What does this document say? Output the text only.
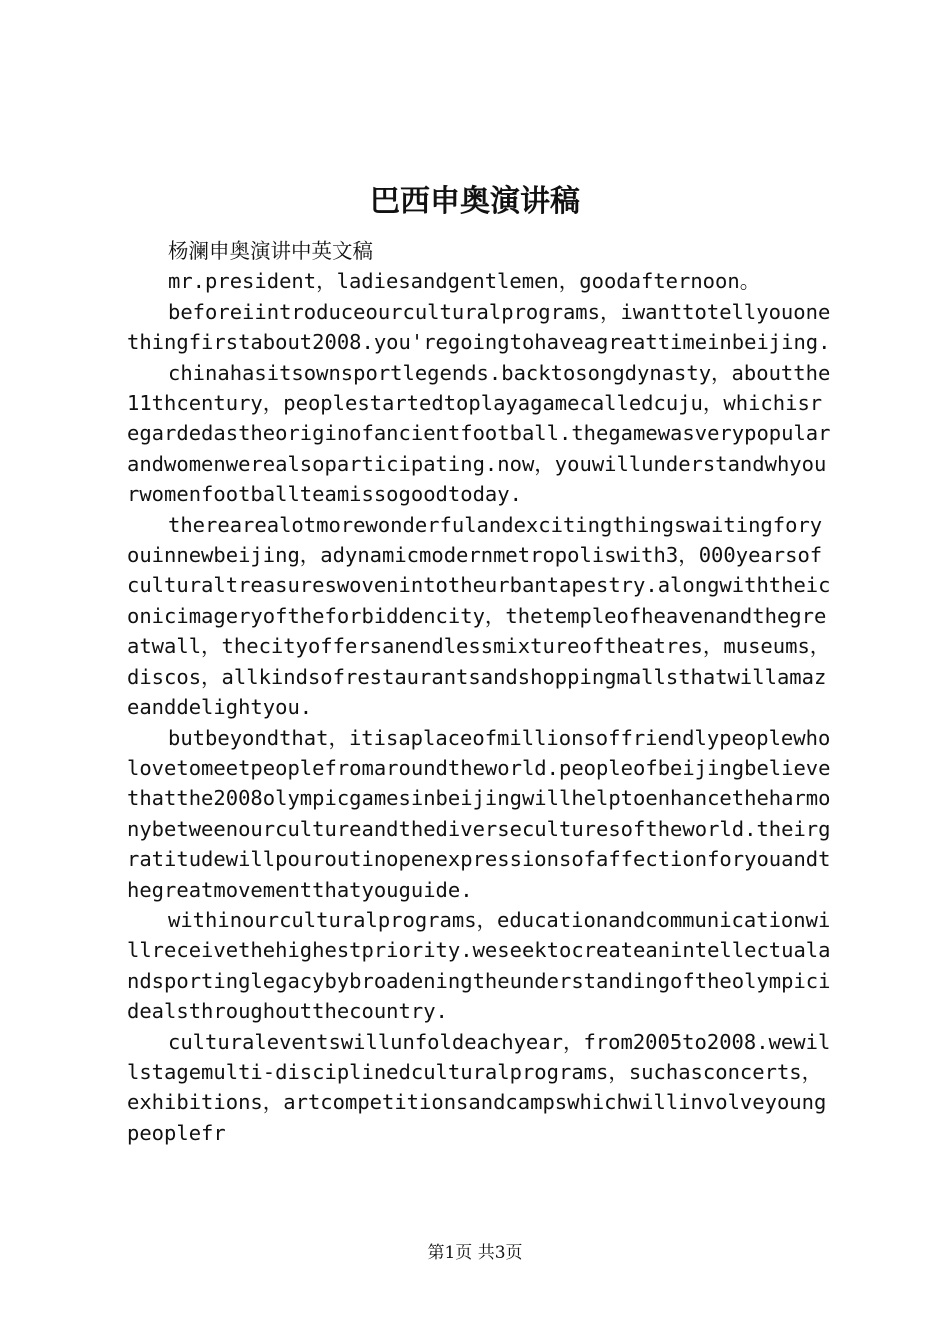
巴西申奥演讲稿

杨澜申奥演讲中英文稿

mr.president，ladiesandgentlemen，goodafternoon。

beforeiintroduceourculturalprograms，iwanttotellyouonethingfirstabout2008.you'regoingtohaveagreattimeinbeijing.

chinahasitsownsportlegends.backtosongdynasty，aboutthe11thcentury，peoplestartedtoplayagamecalledcuju，whichisregardedastheoriginofancientfootball.thegamewasverypopularandwomenwerealsoparticipating.now，youwillunderstandwhyourwomenfootballteamissogoodtoday.

therearealotmorewonderfulandexcitingthingswaitingforyouinnewbeijing，adynamicmodernmetropoliswith3，000yearsofculturaltreasureswovenintotheurbantapestry.alongwiththeiconicimageryoftheforbiddencity，thetempleofheavenandthegreatwall，thecityoffersanendlessmixtureoftheatres，museums，discos，allkindsofrestaurantsandshoppingmallsthatwillamazeanddelightyou.

butbeyondthat，itisaplaceofmillionsoffriendlypeoplewholovetomeetpeoplefromaroundtheworld.peopleofbeijingbelievethatthe2008olympicgamesinbeijingwillhelptoenhancetheharmonybetweenourcultureandthediverseculturesoftheworld.theirgratitudewillpouroutinopenexpressionsofaffectionforyouandthegreatmovementthatyouguide.

withinourculturalprograms，educationandcommunicationwillreceivethehighestpriority.weseektocreateanintellectualandsportinglegacybybroadeningtheunderstandingoftheolympicidealsthroughoutthecountry.

culturaleventswillunfoldeachyear，from2005to2008.wewillstagemulti-disciplinedculturalprograms，suchasconcerts，exhibitions，artcompetitionsandcampswhichwillinvolveyoungpeoplefr

第1页 共3页
